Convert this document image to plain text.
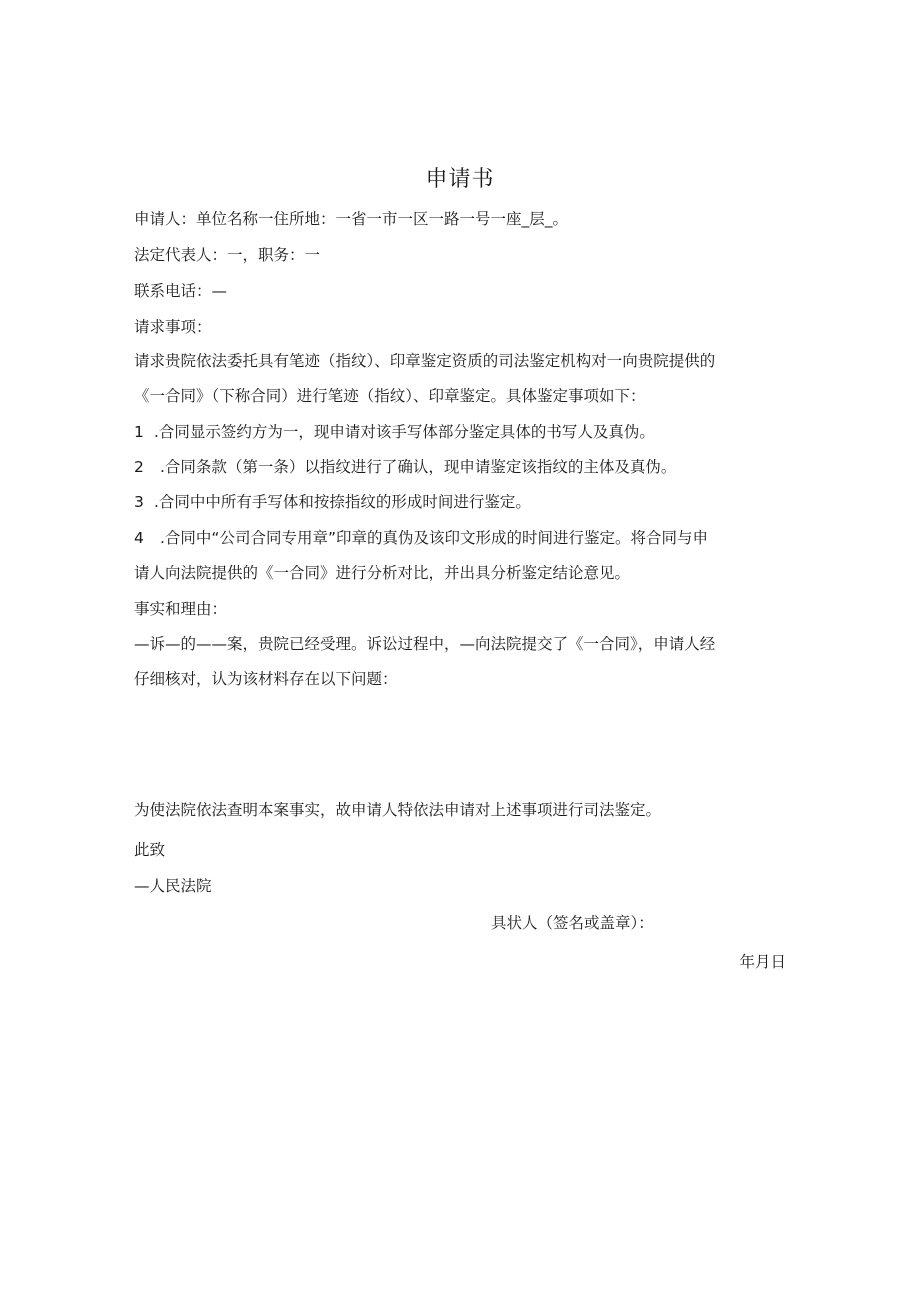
申请书
申请人：单位名称一住所地：一省一市一区一路一号一座_层_。
法定代表人：一，职务：一
联系电话：—
请求事项：
请求贵院依法委托具有笔迹（指纹）、印章鉴定资质的司法鉴定机构对一向贵院提供的
《一合同》（下称合同）进行笔迹（指纹）、印章鉴定。具体鉴定事项如下：
1 .合同显示签约方为一，现申请对该手写体部分鉴定具体的书写人及真伪。
2 .合同条款（第一条）以指纹进行了确认，现申请鉴定该指纹的主体及真伪。
3 .合同中中所有手写体和按捺指纹的形成时间进行鉴定。
4 .合同中“公司合同专用章”印章的真伪及该印文形成的时间进行鉴定。将合同与申
请人向法院提供的《一合同》进行分析对比，并出具分析鉴定结论意见。
事实和理由：
—诉—的——案，贵院已经受理。诉讼过程中，—向法院提交了《一合同》，申请人经
仔细核对，认为该材料存在以下问题：
为使法院依法查明本案事实，故申请人特依法申请对上述事项进行司法鉴定。
此致
—人民法院
具状人（签名或盖章）：
年月日
